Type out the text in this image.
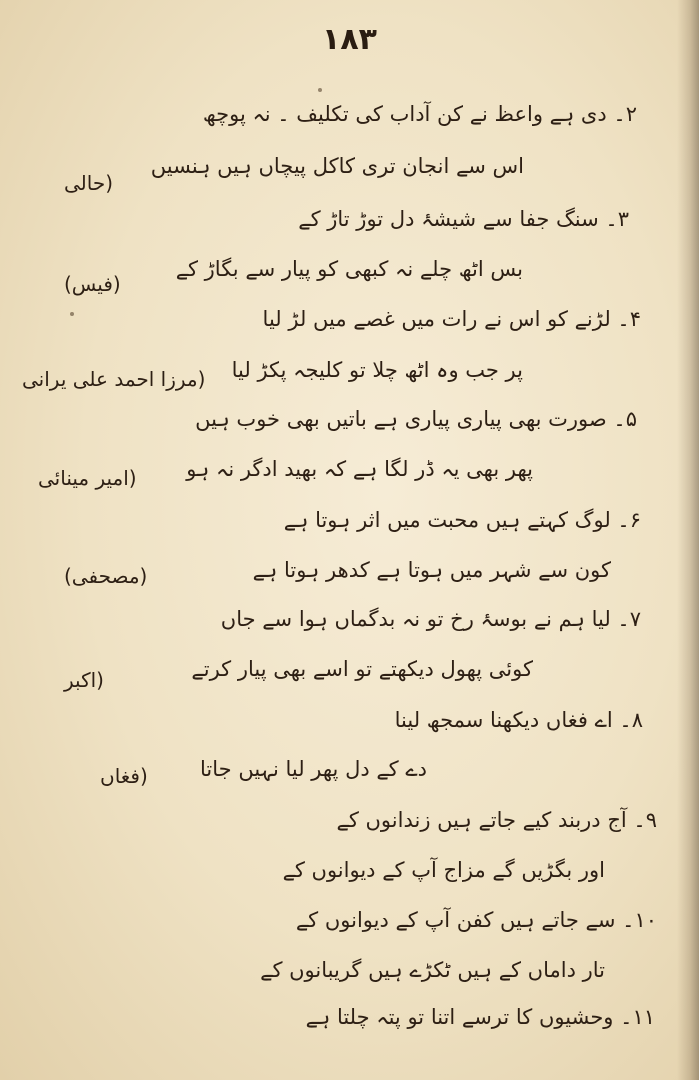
۱۸۳
۲۔ دی ہے واعظ نے کن آداب کی تکلیف ۔ نہ پوچھ
اس سے انجان تری کاکل پیچاں ہیں ہنسیں
(حالی
۳۔ سنگ جفا سے شیشۂ دل توڑ تاڑ کے
بس اٹھ چلے نہ کبھی کو پیار سے بگاڑ کے
(فیس)
۴۔ لڑنے کو اس نے رات میں غصے میں لڑ لیا
پر جب وہ اٹھ چلا تو کلیجہ پکڑ لیا
(مرزا احمد علی یرانی
۵۔ صورت بھی پیاری پیاری ہے باتیں بھی خوب ہیں
پھر بھی یہ ڈر لگا ہے کہ بھید ادگر نہ ہو
(امیر مینائی
۶۔ لوگ کہتے ہیں محبت میں اثر ہوتا ہے
کون سے شہر میں ہوتا ہے کدھر ہوتا ہے
(مصحفی)
۷۔ لیا ہم نے بوسۂ رخ تو نہ بدگماں ہوا سے جاں
کوئی پھول دیکھتے تو اسے بھی پیار کرتے
(اکبر
۸۔ اے فغاں دیکھنا سمجھ لینا
دے کے دل پھر لیا نہیں جاتا
(فغاں
۹۔ آج دربند کیے جاتے ہیں زندانوں کے
اور بگڑیں گے مزاج آپ کے دیوانوں کے
۱۰۔ سے جاتے ہیں کفن آپ کے دیوانوں کے
تار داماں کے ہیں ٹکڑے ہیں گریبانوں کے
۱۱۔ وحشیوں کا ترسے اتنا تو پتہ چلتا ہے
